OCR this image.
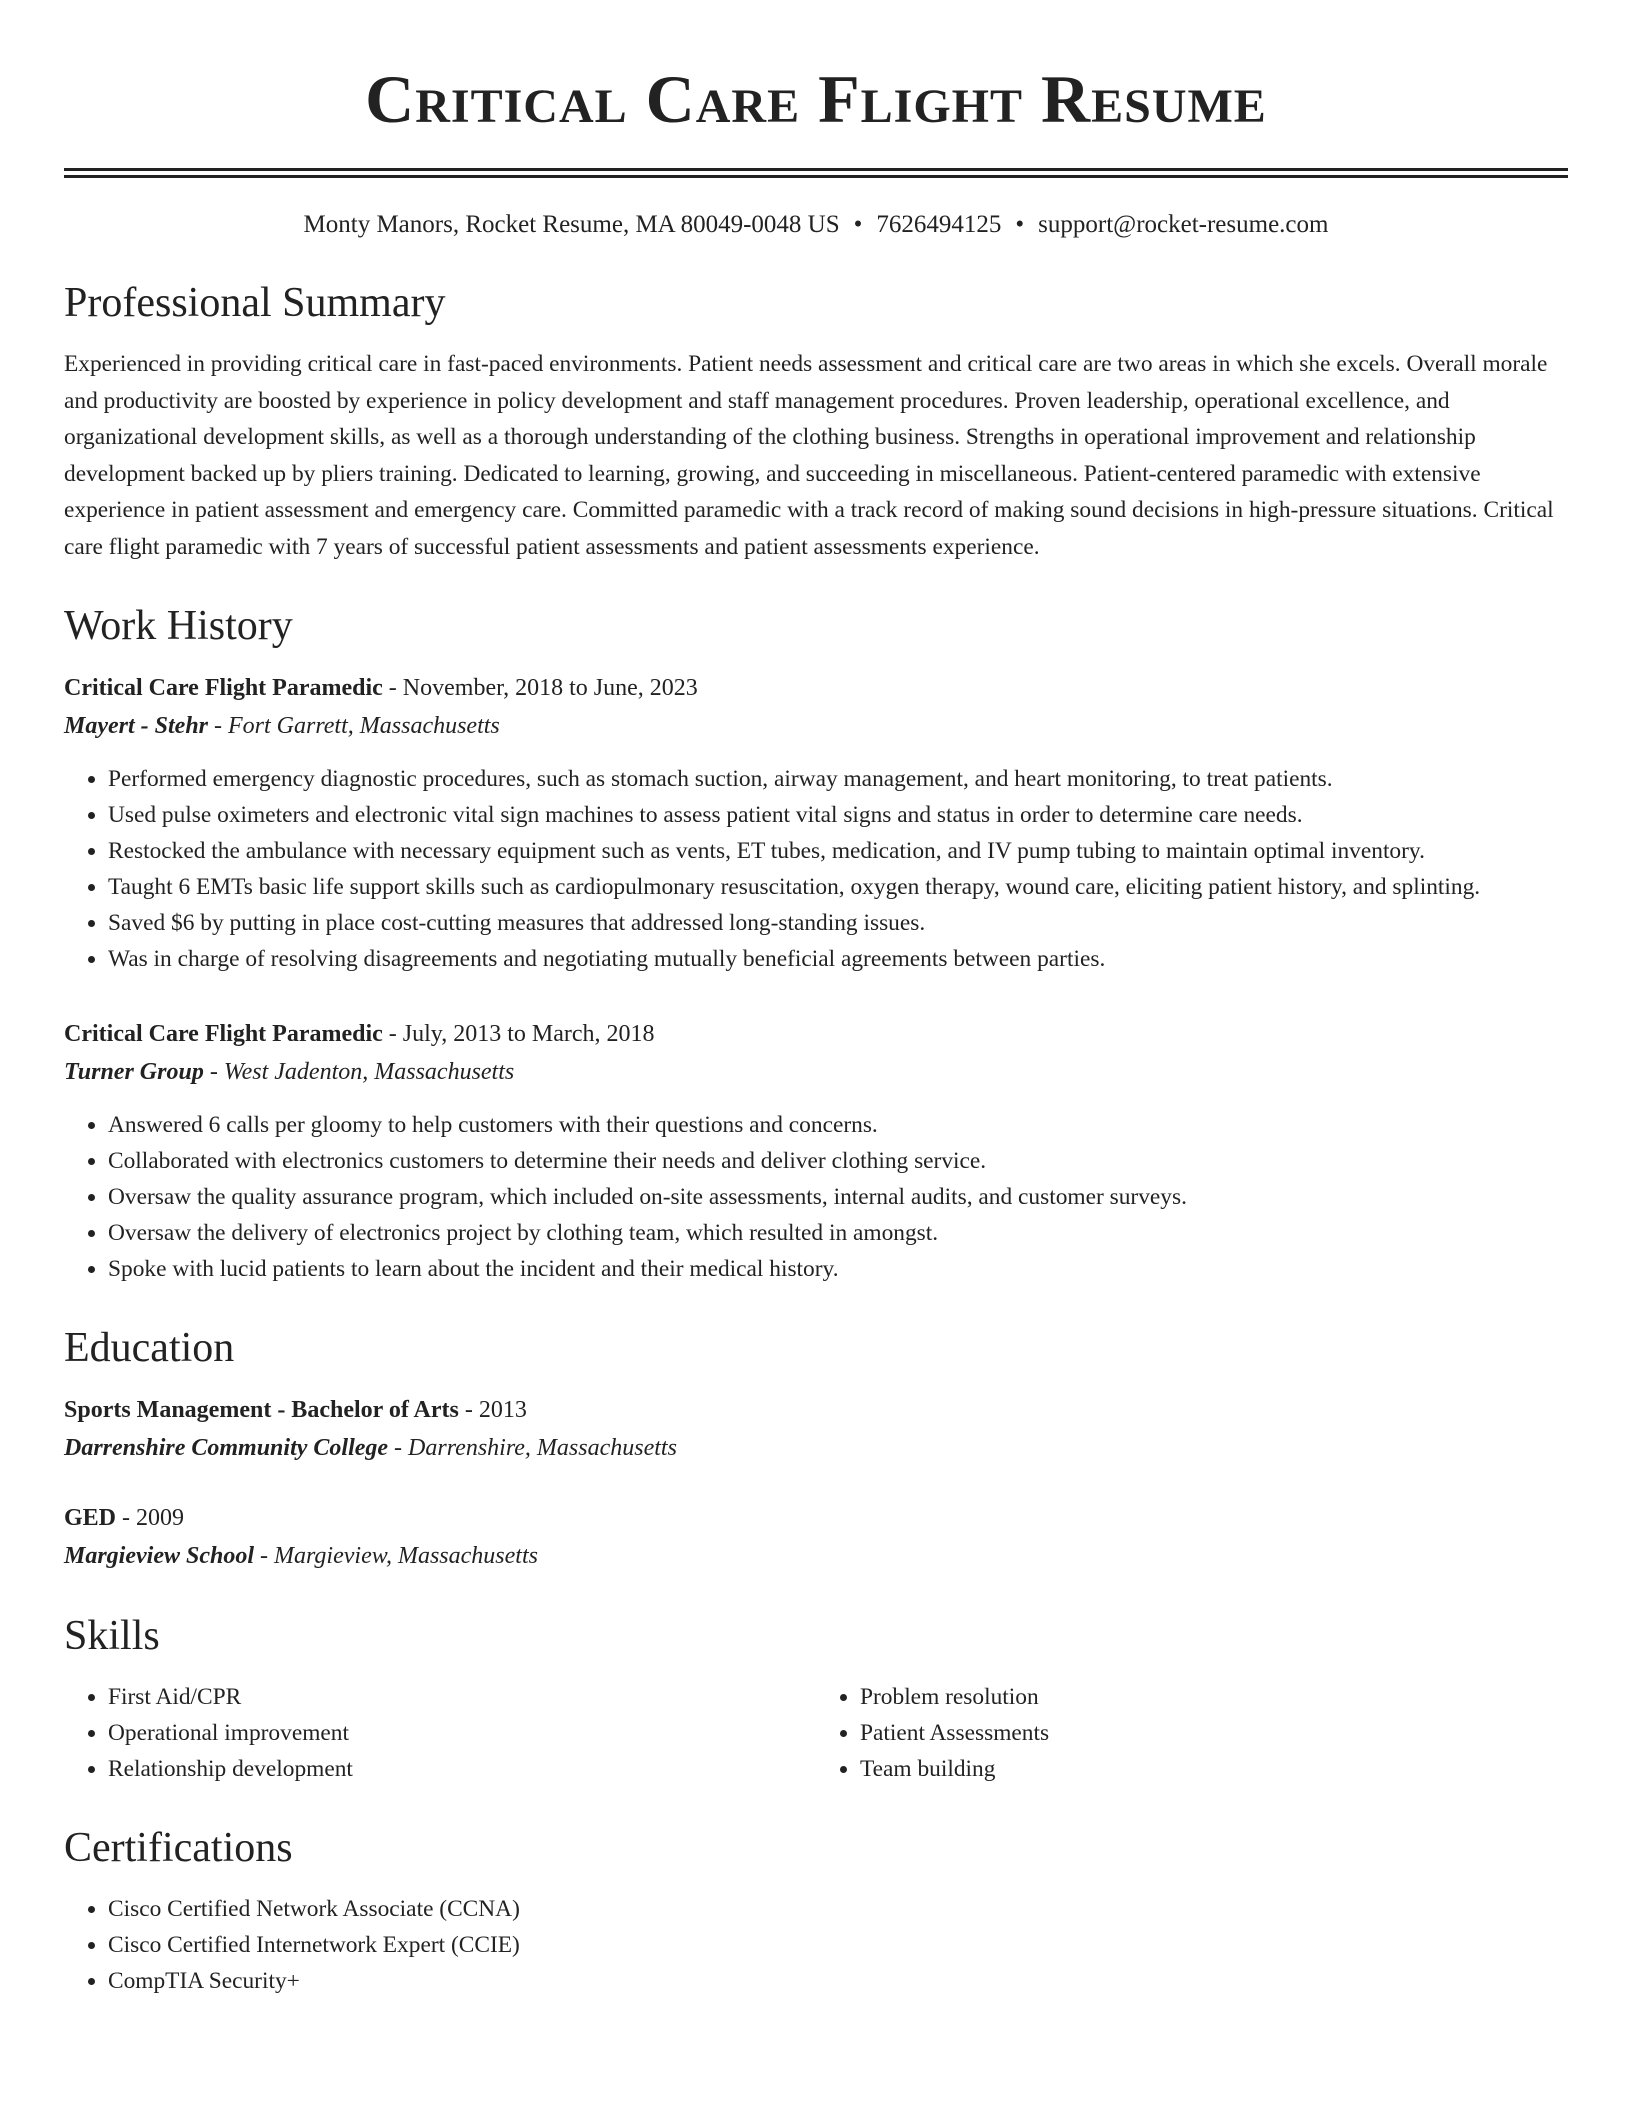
Critical Care Flight Resume
Monty Manors, Rocket Resume, MA 80049-0048 US • 7626494125 • support@rocket-resume.com
Professional Summary

Experienced in providing critical care in fast-paced environments. Patient needs assessment and critical care are two areas in which she excels. Overall morale and productivity are boosted by experience in policy development and staff management procedures. Proven leadership, operational excellence, and organizational development skills, as well as a thorough understanding of the clothing business. Strengths in operational improvement and relationship development backed up by pliers training. Dedicated to learning, growing, and succeeding in miscellaneous. Patient-centered paramedic with extensive experience in patient assessment and emergency care. Committed paramedic with a track record of making sound decisions in high-pressure situations. Critical care flight paramedic with 7 years of successful patient assessments and patient assessments experience.

Work History

Critical Care Flight Paramedic - November, 2018 to June, 2023

Mayert - Stehr - Fort Garrett, Massachusetts

• Performed emergency diagnostic procedures, such as stomach suction, airway management, and heart monitoring, to treat patients.
• Used pulse oximeters and electronic vital sign machines to assess patient vital signs and status in order to determine care needs.
• Restocked the ambulance with necessary equipment such as vents, ET tubes, medication, and IV pump tubing to maintain optimal inventory.
• Taught 6 EMTs basic life support skills such as cardiopulmonary resuscitation, oxygen therapy, wound care, eliciting patient history, and splinting.
• Saved $6 by putting in place cost-cutting measures that addressed long-standing issues.
• Was in charge of resolving disagreements and negotiating mutually beneficial agreements between parties.

Critical Care Flight Paramedic - July, 2013 to March, 2018

Turner Group - West Jadenton, Massachusetts

• Answered 6 calls per gloomy to help customers with their questions and concerns.
• Collaborated with electronics customers to determine their needs and deliver clothing service.
• Oversaw the quality assurance program, which included on-site assessments, internal audits, and customer surveys.
• Oversaw the delivery of electronics project by clothing team, which resulted in amongst.
• Spoke with lucid patients to learn about the incident and their medical history.
Education

Sports Management - Bachelor of Arts - 2013

Darrenshire Community College - Darrenshire, Massachusetts

GED - 2009

Margieview School - Margieview, Massachusetts

Skills
• First Aid/CPR
• Operational improvement
• Relationship development
• Problem resolution
• Patient Assessments
• Team building
Certifications
• Cisco Certified Network Associate (CCNA)
• Cisco Certified Internetwork Expert (CCIE)
• CompTIA Security+
